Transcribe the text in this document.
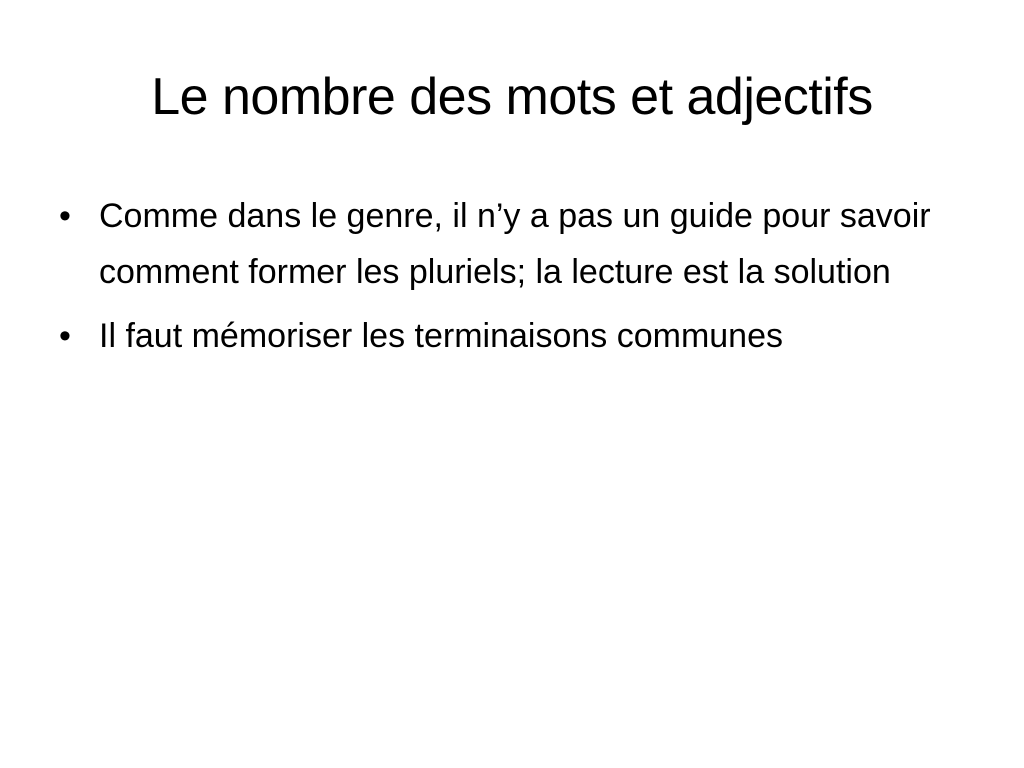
Le nombre des mots et adjectifs
• Comme dans le genre, il n’y a pas un guide pour savoir comment former les pluriels; la lecture est la solution
• Il faut mémoriser les terminaisons communes
